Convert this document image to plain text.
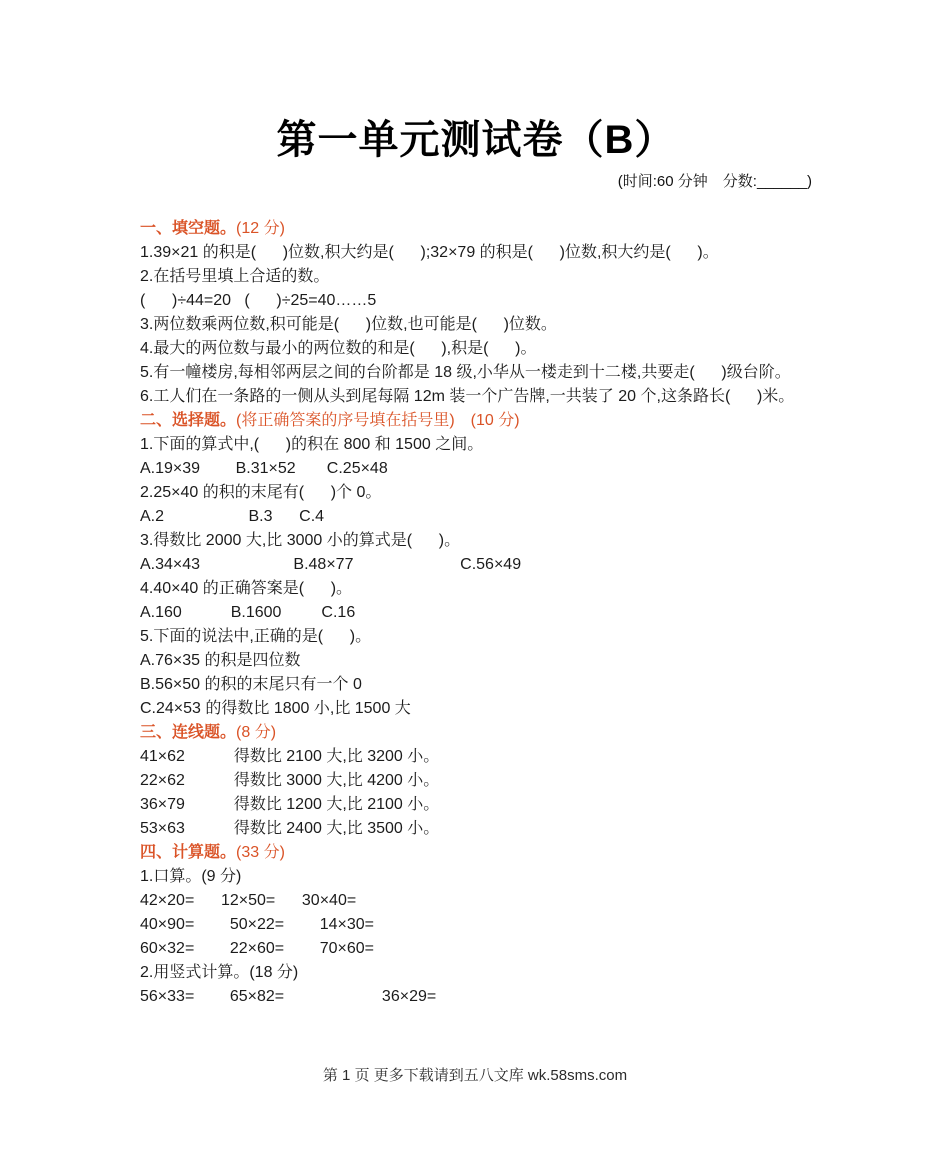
第一单元测试卷（B）
(时间:60 分钟　分数:______)
一、填空题。(12 分)
1.39×21 的积是(      )位数,积大约是(      );32×79 的积是(      )位数,积大约是(      )。
2.在括号里填上合适的数。
(      )÷44=20   (      )÷25=40……5
3.两位数乘两位数,积可能是(      )位数,也可能是(      )位数。
4.最大的两位数与最小的两位数的和是(      ),积是(      )。
5.有一幢楼房,每相邻两层之间的台阶都是 18 级,小华从一楼走到十二楼,共要走(      )级台阶。
6.工人们在一条路的一侧从头到尾每隔 12m 装一个广告牌,一共装了 20 个,这条路长(      )米。
二、选择题。(将正确答案的序号填在括号里)　(10 分)
1.下面的算式中,(      )的积在 800 和 1500 之间。
A.19×39        B.31×52       C.25×48
2.25×40 的积的末尾有(      )个 0。
A.2                   B.3      C.4
3.得数比 2000 大,比 3000 小的算式是(      )。
A.34×43                     B.48×77                        C.56×49
4.40×40 的正确答案是(      )。
A.160           B.1600         C.16
5.下面的说法中,正确的是(      )。
A.76×35 的积是四位数
B.56×50 的积的末尾只有一个 0
C.24×53 的得数比 1800 小,比 1500 大
三、连线题。(8 分)
41×62           得数比 2100 大,比 3200 小。
22×62           得数比 3000 大,比 4200 小。
36×79           得数比 1200 大,比 2100 小。
53×63           得数比 2400 大,比 3500 小。
四、计算题。(33 分)
1.口算。(9 分)
42×20=      12×50=      30×40=
40×90=        50×22=        14×30=
60×32=        22×60=        70×60=
2.用竖式计算。(18 分)
56×33=        65×82=                      36×29=
第 1 页 更多下载请到五八文库 wk.58sms.com
